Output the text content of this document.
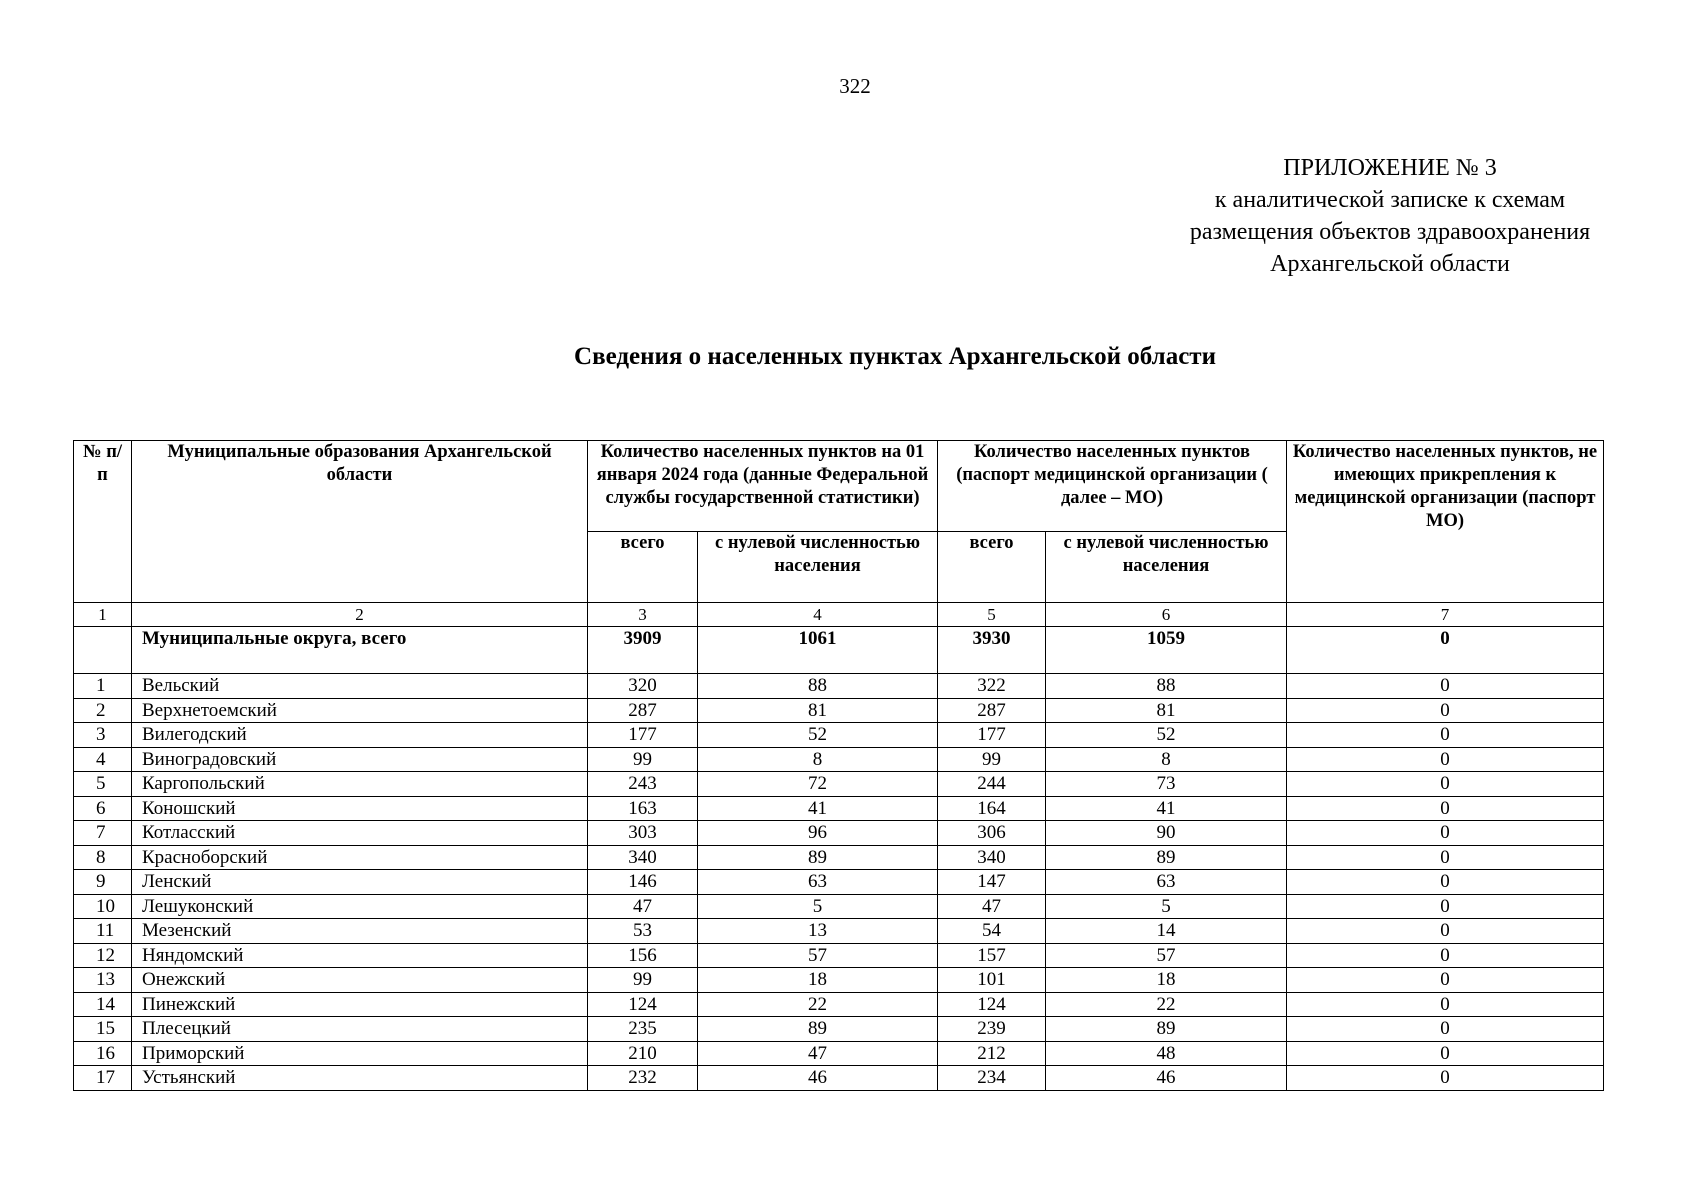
322
ПРИЛОЖЕНИЕ № 3
к аналитической записке к схемам
размещения объектов здравоохранения
Архангельской области
Сведения о населенных пунктах Архангельской области
№ п/п	Муниципальные образования Архангельской области	Количество населенных пунктов на 01 января 2024 года (данные Федеральной службы государственной статистики)		Количество населенных пунктов (паспорт медицинской организации ( далее – МО)		Количество населенных пунктов, не имеющих прикрепления к медицинской организации (паспорт МО)
		всего	с нулевой численностью населения	всего	с нулевой численностью населения	
1	2	3	4	5	6	7
	Муниципальные округа, всего	3909	1061	3930	1059	0
1	Вельский	320	88	322	88	0
2	Верхнетоемский	287	81	287	81	0
3	Вилегодский	177	52	177	52	0
4	Виноградовский	99	8	99	8	0
5	Каргопольский	243	72	244	73	0
6	Коношский	163	41	164	41	0
7	Котласский	303	96	306	90	0
8	Красноборский	340	89	340	89	0
9	Ленский	146	63	147	63	0
10	Лешуконский	47	5	47	5	0
11	Мезенский	53	13	54	14	0
12	Няндомский	156	57	157	57	0
13	Онежский	99	18	101	18	0
14	Пинежский	124	22	124	22	0
15	Плесецкий	235	89	239	89	0
16	Приморский	210	47	212	48	0
17	Устьянский	232	46	234	46	0
